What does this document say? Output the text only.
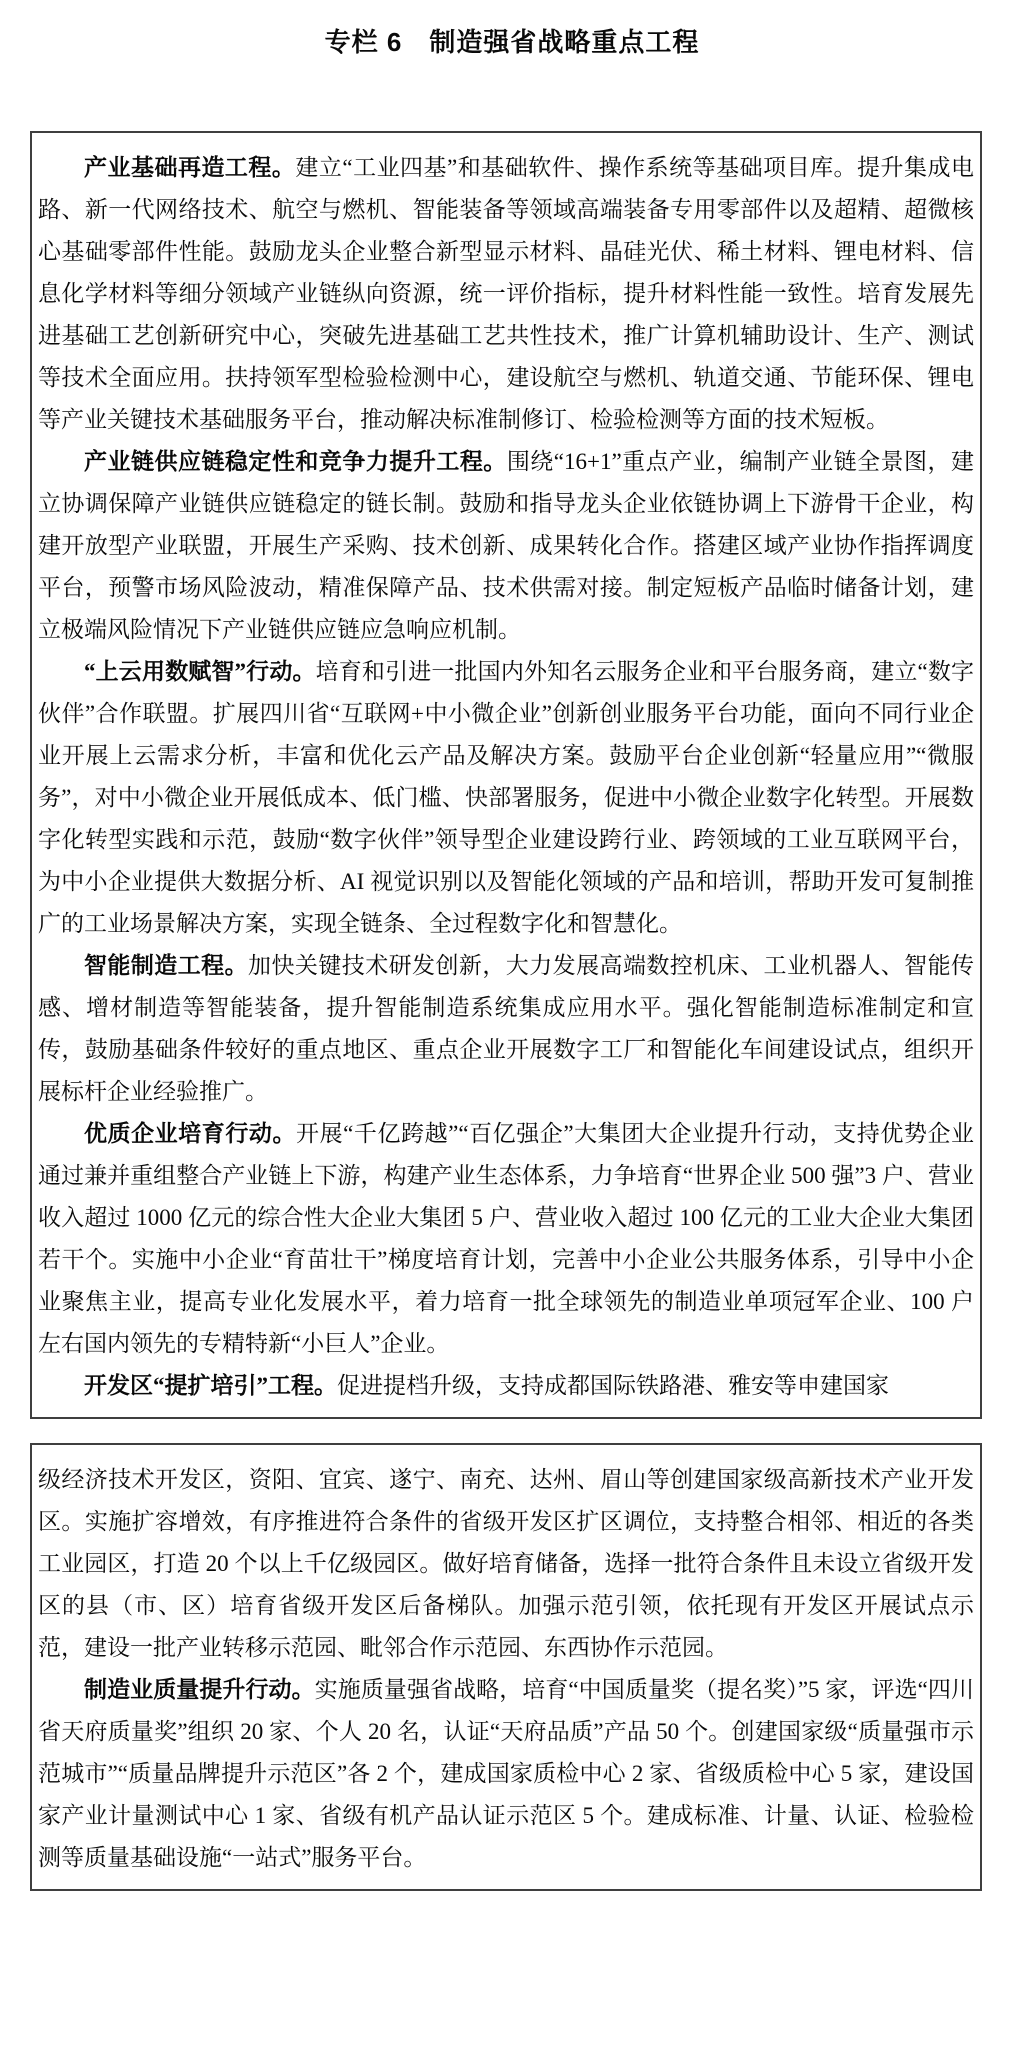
专栏 6　制造强省战略重点工程

产业基础再造工程。建立“工业四基”和基础软件、操作系统等基础项目库。提升集成电路、新一代网络技术、航空与燃机、智能装备等领域高端装备专用零部件以及超精、超微核心基础零部件性能。鼓励龙头企业整合新型显示材料、晶硅光伏、稀土材料、锂电材料、信息化学材料等细分领域产业链纵向资源，统一评价指标，提升材料性能一致性。培育发展先进基础工艺创新研究中心，突破先进基础工艺共性技术，推广计算机辅助设计、生产、测试等技术全面应用。扶持领军型检验检测中心，建设航空与燃机、轨道交通、节能环保、锂电等产业关键技术基础服务平台，推动解决标准制修订、检验检测等方面的技术短板。

产业链供应链稳定性和竞争力提升工程。围绕“16+1”重点产业，编制产业链全景图，建立协调保障产业链供应链稳定的链长制。鼓励和指导龙头企业依链协调上下游骨干企业，构建开放型产业联盟，开展生产采购、技术创新、成果转化合作。搭建区域产业协作指挥调度平台，预警市场风险波动，精准保障产品、技术供需对接。制定短板产品临时储备计划，建立极端风险情况下产业链供应链应急响应机制。

“上云用数赋智”行动。培育和引进一批国内外知名云服务企业和平台服务商，建立“数字伙伴”合作联盟。扩展四川省“互联网+中小微企业”创新创业服务平台功能，面向不同行业企业开展上云需求分析，丰富和优化云产品及解决方案。鼓励平台企业创新“轻量应用”“微服务”，对中小微企业开展低成本、低门槛、快部署服务，促进中小微企业数字化转型。开展数字化转型实践和示范，鼓励“数字伙伴”领导型企业建设跨行业、跨领域的工业互联网平台，为中小企业提供大数据分析、AI 视觉识别以及智能化领域的产品和培训，帮助开发可复制推广的工业场景解决方案，实现全链条、全过程数字化和智慧化。

智能制造工程。加快关键技术研发创新，大力发展高端数控机床、工业机器人、智能传感、增材制造等智能装备，提升智能制造系统集成应用水平。强化智能制造标准制定和宣传，鼓励基础条件较好的重点地区、重点企业开展数字工厂和智能化车间建设试点，组织开展标杆企业经验推广。

优质企业培育行动。开展“千亿跨越”“百亿强企”大集团大企业提升行动，支持优势企业通过兼并重组整合产业链上下游，构建产业生态体系，力争培育“世界企业 500 强”3 户、营业收入超过 1000 亿元的综合性大企业大集团 5 户、营业收入超过 100 亿元的工业大企业大集团若干个。实施中小企业“育苗壮干”梯度培育计划，完善中小企业公共服务体系，引导中小企业聚焦主业，提高专业化发展水平，着力培育一批全球领先的制造业单项冠军企业、100 户左右国内领先的专精特新“小巨人”企业。

开发区“提扩培引”工程。促进提档升级，支持成都国际铁路港、雅安等申建国家

级经济技术开发区，资阳、宜宾、遂宁、南充、达州、眉山等创建国家级高新技术产业开发区。实施扩容增效，有序推进符合条件的省级开发区扩区调位，支持整合相邻、相近的各类工业园区，打造 20 个以上千亿级园区。做好培育储备，选择一批符合条件且未设立省级开发区的县（市、区）培育省级开发区后备梯队。加强示范引领，依托现有开发区开展试点示范，建设一批产业转移示范园、毗邻合作示范园、东西协作示范园。

制造业质量提升行动。实施质量强省战略，培育“中国质量奖（提名奖）”5 家，评选“四川省天府质量奖”组织 20 家、个人 20 名，认证“天府品质”产品 50 个。创建国家级“质量强市示范城市”“质量品牌提升示范区”各 2 个，建成国家质检中心 2 家、省级质检中心 5 家，建设国家产业计量测试中心 1 家、省级有机产品认证示范区 5 个。建成标准、计量、认证、检验检测等质量基础设施“一站式”服务平台。
